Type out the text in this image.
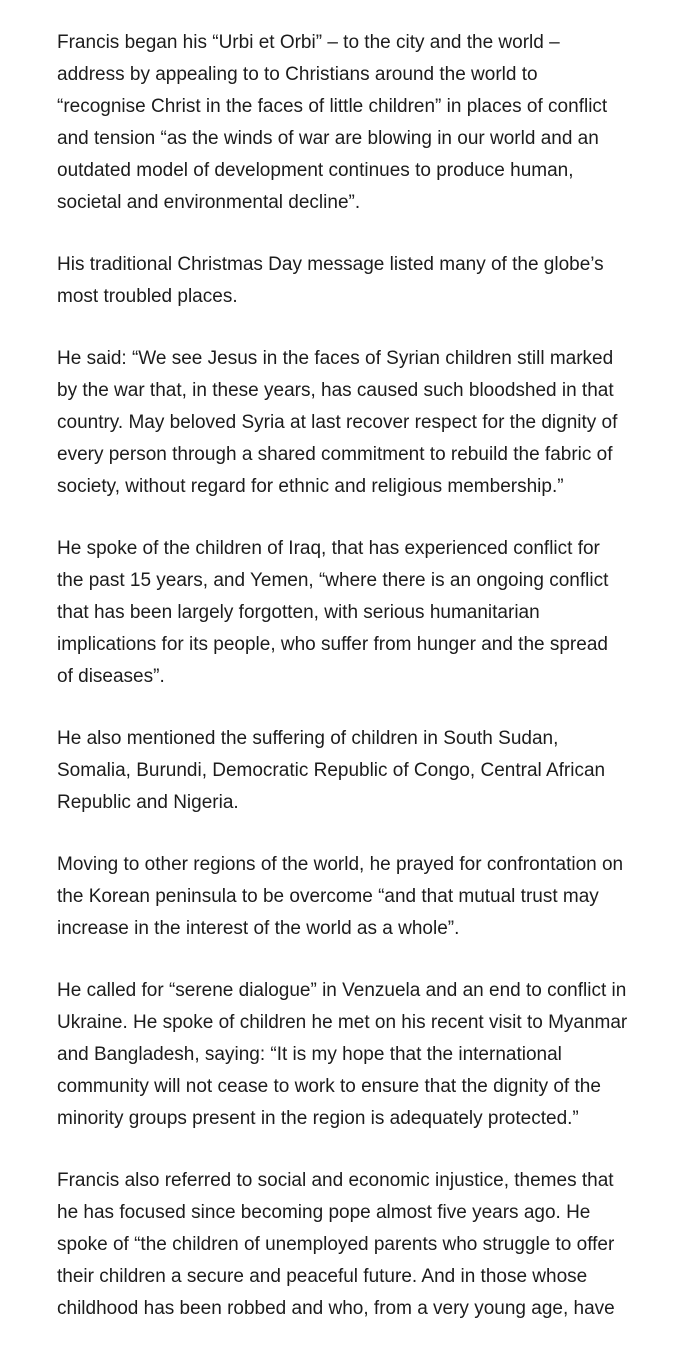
Francis began his “Urbi et Orbi” – to the city and the world –
address by appealing to to Christians around the world to
“recognise Christ in the faces of little children” in places of conflict
and tension “as the winds of war are blowing in our world and an
outdated model of development continues to produce human,
societal and environmental decline”.

His traditional Christmas Day message listed many of the globe’s
most troubled places.

He said: “We see Jesus in the faces of Syrian children still marked
by the war that, in these years, has caused such bloodshed in that
country. May beloved Syria at last recover respect for the dignity of
every person through a shared commitment to rebuild the fabric of
society, without regard for ethnic and religious membership.”

He spoke of the children of Iraq, that has experienced conflict for
the past 15 years, and Yemen, “where there is an ongoing conflict
that has been largely forgotten, with serious humanitarian
implications for its people, who suffer from hunger and the spread
of diseases”.

He also mentioned the suffering of children in South Sudan,
Somalia, Burundi, Democratic Republic of Congo, Central African
Republic and Nigeria.

Moving to other regions of the world, he prayed for confrontation on
the Korean peninsula to be overcome “and that mutual trust may
increase in the interest of the world as a whole”.

He called for “serene dialogue” in Venzuela and an end to conflict in
Ukraine. He spoke of children he met on his recent visit to Myanmar
and Bangladesh, saying: “It is my hope that the international
community will not cease to work to ensure that the dignity of the
minority groups present in the region is adequately protected.”

Francis also referred to social and economic injustice, themes that
he has focused since becoming pope almost five years ago. He
spoke of “the children of unemployed parents who struggle to offer
their children a secure and peaceful future. And in those whose
childhood has been robbed and who, from a very young age, have
